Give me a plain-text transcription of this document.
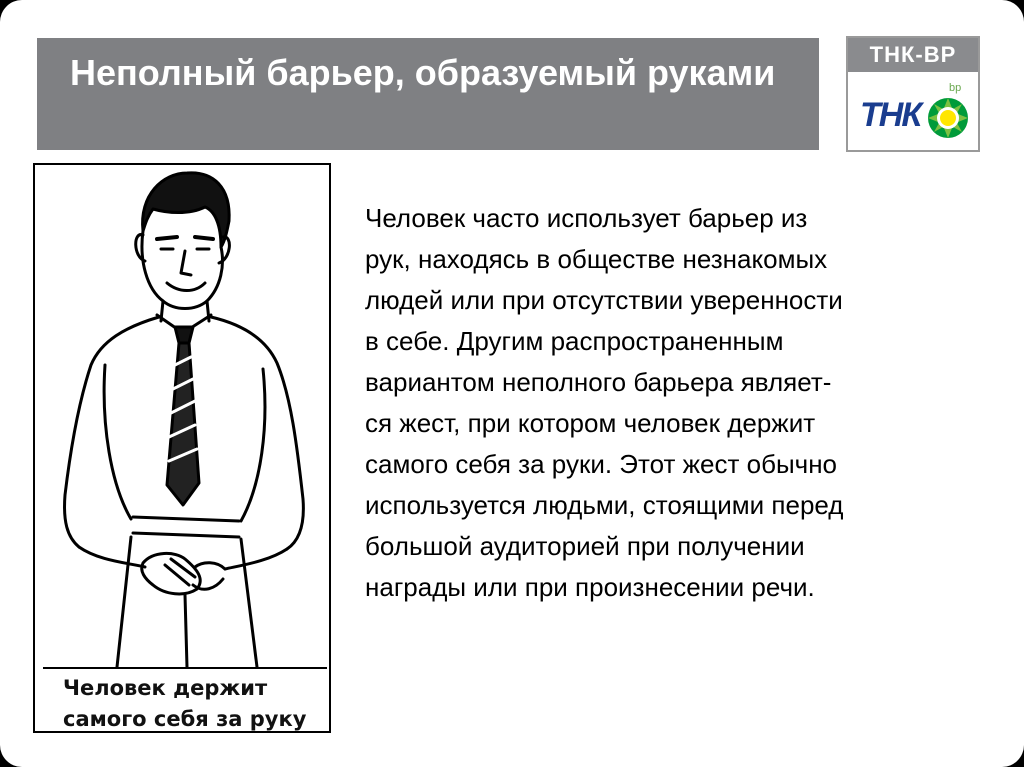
Неполный барьер, образуемый руками	ТНК-ВР
ТНК
bp
Человек держит
самого себя за руку
Человек часто использует барьер из
рук, находясь в обществе незнакомых
людей или при отсутствии уверенности
в себе. Другим распространенным
вариантом неполного барьера являет-
ся жест, при котором человек держит
самого себя за руки. Этот жест обычно
используется людьми, стоящими перед
большой аудиторией при получении
награды или при произнесении речи.
